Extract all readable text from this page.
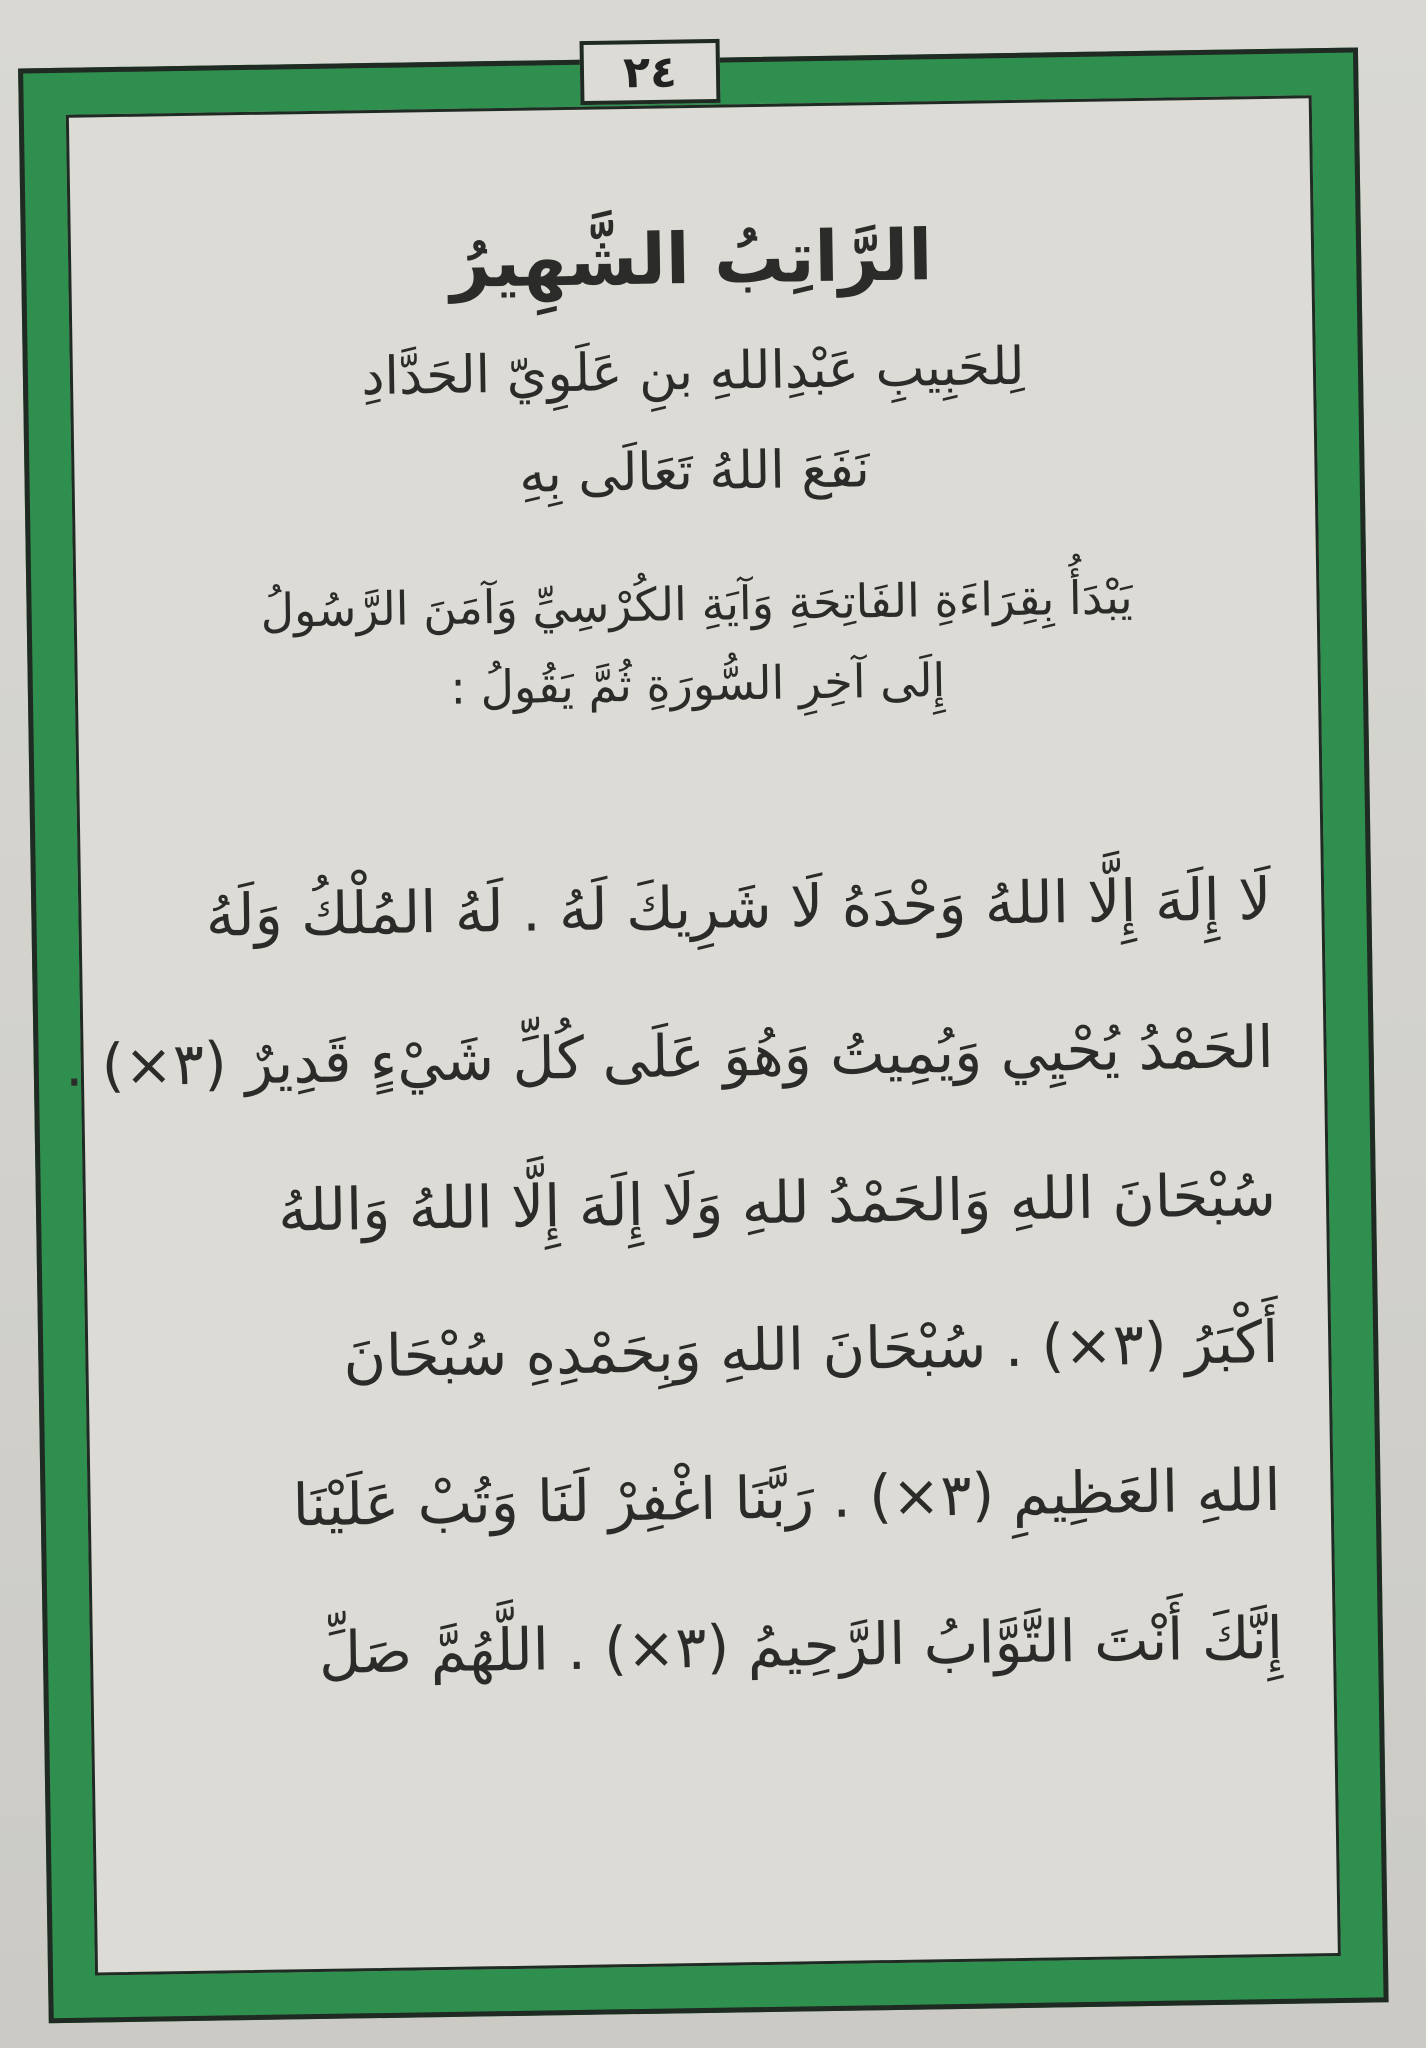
٢٤
الرَّاتِبُ الشَّهِيرُ
لِلحَبِيبِ عَبْدِاللهِ بنِ عَلَوِيّ الحَدَّادِ
نَفَعَ اللهُ تَعَالَى بِهِ
يَبْدَأُ بِقِرَاءَةِ الفَاتِحَةِ وَآيَةِ الكُرْسِيِّ وَآمَنَ الرَّسُولُ
إِلَى آخِرِ السُّورَةِ ثُمَّ يَقُولُ :
لَا إِلَهَ إِلَّا اللهُ وَحْدَهُ لَا شَرِيكَ لَهُ . لَهُ المُلْكُ وَلَهُ
الحَمْدُ يُحْيِي وَيُمِيتُ وَهُوَ عَلَى كُلِّ شَيْءٍ قَدِيرٌ (٣×) .
سُبْحَانَ اللهِ وَالحَمْدُ للهِ وَلَا إِلَهَ إِلَّا اللهُ وَاللهُ
أَكْبَرُ (٣×) . سُبْحَانَ اللهِ وَبِحَمْدِهِ سُبْحَانَ
اللهِ العَظِيمِ (٣×) . رَبَّنَا اغْفِرْ لَنَا وَتُبْ عَلَيْنَا
إِنَّكَ أَنْتَ التَّوَّابُ الرَّحِيمُ (٣×) . اللَّهُمَّ صَلِّ
